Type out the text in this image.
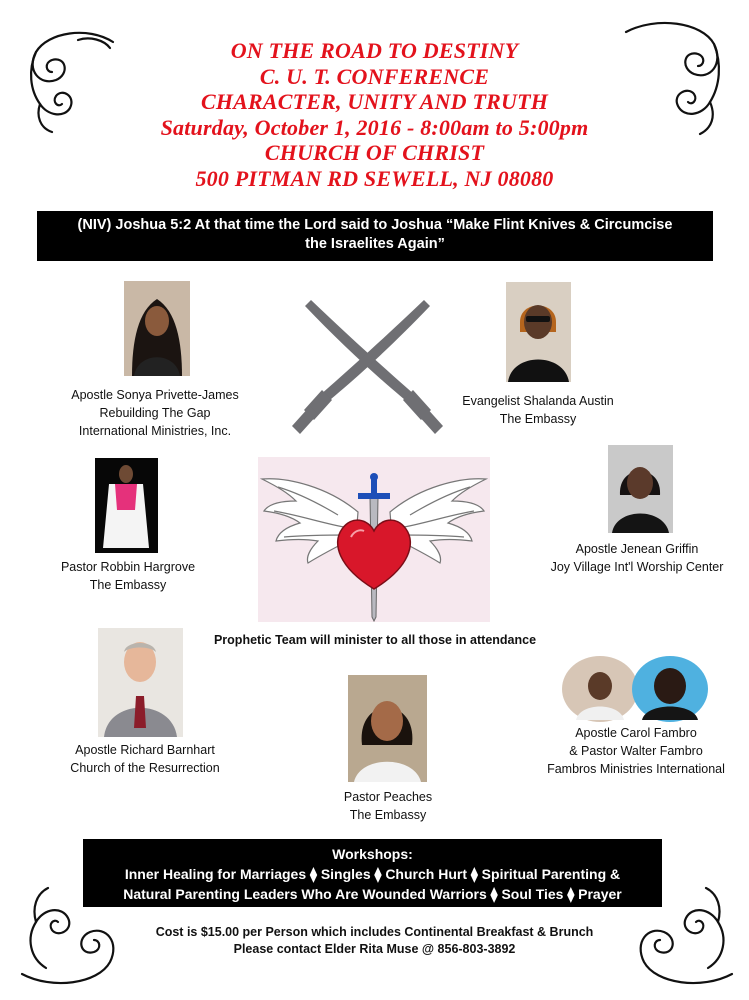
ON THE ROAD TO DESTINY
C. U. T. CONFERENCE
CHARACTER, UNITY AND TRUTH
Saturday, October 1, 2016 - 8:00am to 5:00pm
CHURCH OF CHRIST
500 PITMAN RD SEWELL, NJ 08080
(NIV) Joshua 5:2 At that time the Lord said to Joshua “Make Flint Knives & Circumcise the Israelites Again”
Apostle Sonya Privette-James
Rebuilding The Gap
International Ministries, Inc.
Evangelist Shalanda Austin
The Embassy
Pastor Robbin Hargrove
The Embassy
Apostle Jenean Griffin
Joy Village Int'l Worship Center
Apostle Richard Barnhart
Church of the Resurrection
Pastor Peaches
The Embassy
Apostle Carol Fambro
& Pastor Walter Fambro
Fambros Ministries International
Prophetic Team will minister to all those in attendance
Workshops:
Inner Healing for Marriages ⧫ Singles ⧫ Church Hurt ⧫ Spiritual Parenting &
Natural Parenting Leaders Who Are Wounded Warriors ⧫ Soul Ties ⧫ Prayer
Cost is $15.00 per Person which includes Continental Breakfast & Brunch
Please contact Elder Rita Muse @ 856-803-3892
